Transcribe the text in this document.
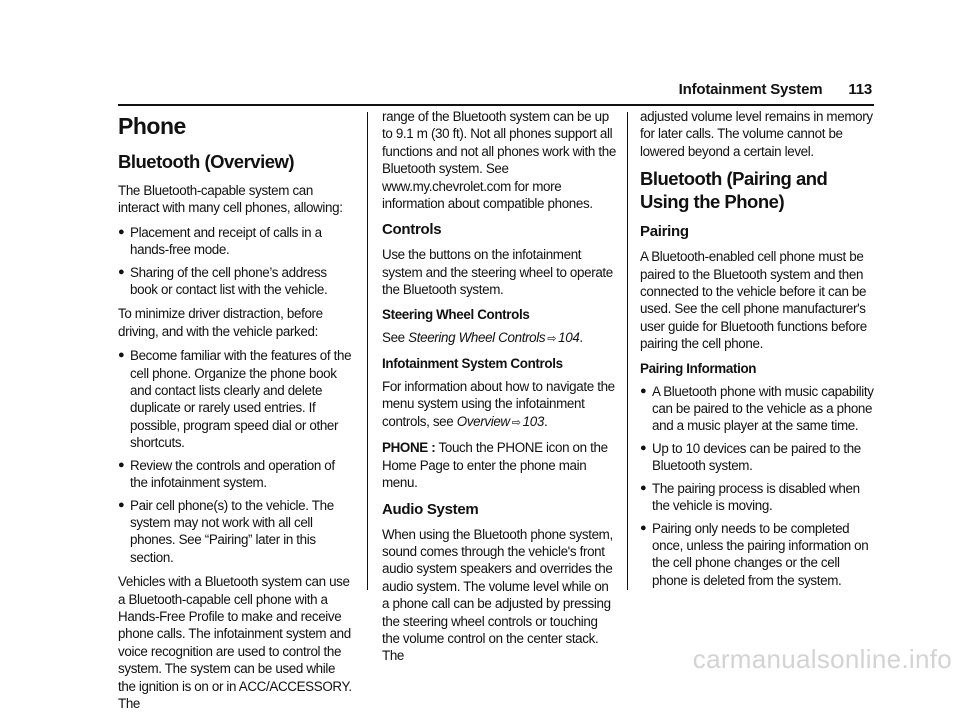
Infotainment System 113
Phone
Bluetooth (Overview)

The Bluetooth-capable system can interact with many cell phones, allowing:

● Placement and receipt of calls in a hands-free mode.
● Sharing of the cell phone’s address book or contact list with the vehicle.

To minimize driver distraction, before driving, and with the vehicle parked:

● Become familiar with the features of the cell phone. Organize the phone book and contact lists clearly and delete duplicate or rarely used entries. If possible, program speed dial or other shortcuts.
● Review the controls and operation of the infotainment system.
● Pair cell phone(s) to the vehicle. The system may not work with all cell phones. See “Pairing” later in this section.

Vehicles with a Bluetooth system can use a Bluetooth-capable cell phone with a Hands-Free Profile to make and receive phone calls. The infotainment system and voice recognition are used to control the system. The system can be used while the ignition is on or in ACC/ACCESSORY. The

range of the Bluetooth system can be up to 9.1 m (30 ft). Not all phones support all functions and not all phones work with the Bluetooth system. See www.my.chevrolet.com for more information about compatible phones.

Controls

Use the buttons on the infotainment system and the steering wheel to operate the Bluetooth system.

Steering Wheel Controls

See Steering Wheel Controls ⇨ 104.

Infotainment System Controls

For information about how to navigate the menu system using the infotainment controls, see Overview ⇨ 103.

PHONE : Touch the PHONE icon on the Home Page to enter the phone main menu.

Audio System

When using the Bluetooth phone system, sound comes through the vehicle's front audio system speakers and overrides the audio system. The volume level while on a phone call can be adjusted by pressing the steering wheel controls or touching the volume control on the center stack. The

adjusted volume level remains in memory for later calls. The volume cannot be lowered beyond a certain level.

Bluetooth (Pairing and Using the Phone)
Pairing

A Bluetooth-enabled cell phone must be paired to the Bluetooth system and then connected to the vehicle before it can be used. See the cell phone manufacturer's user guide for Bluetooth functions before pairing the cell phone.

Pairing Information
● A Bluetooth phone with music capability can be paired to the vehicle as a phone and a music player at the same time.
● Up to 10 devices can be paired to the Bluetooth system.
● The pairing process is disabled when the vehicle is moving.
● Pairing only needs to be completed once, unless the pairing information on the cell phone changes or the cell phone is deleted from the system.
carmanualsonline.info
